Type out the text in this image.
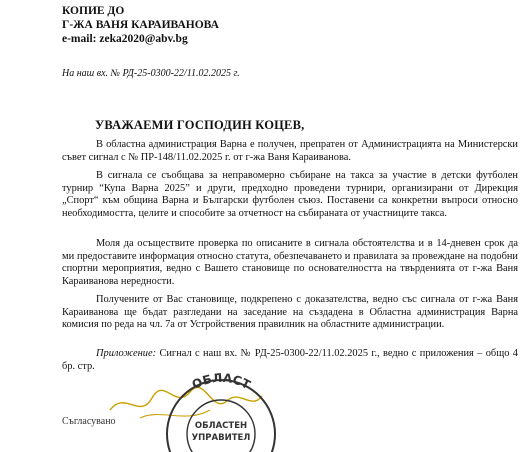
КОПИЕ ДО
Г-ЖА ВАНЯ КАРАИВАНОВА
e-mail: zeka2020@abv.bg
На наш вх. № РД-25-0300-22/11.02.2025 г.
УВАЖАЕМИ ГОСПОДИН КОЦЕВ,
В областна администрация Варна е получен, препратен от Администрацията на Министерски съвет сигнал с № ПР-148/11.02.2025 г. от г-жа Ваня Караиванова.
В сигнала се съобщава за неправомерно събиране на такса за участие в детски футболен турнир “Купа Варна 2025” и други, предходно проведени турнири, организирани от Дирекция „Спорт“ към община Варна и Български футболен съюз. Поставени са конкретни въпроси относно необходимостта, целите и способите за отчетност на събираната от участниците такса.
Моля да осъществите проверка по описаните в сигнала обстоятелства и в 14-дневен срок да ми предоставите информация относно статута, обезпечаването и правилата за провеждане на подобни спортни мероприятия, ведно с Вашето становище по основателността на твърденията от г-жа Ваня Караиванова нередности.
Получените от Вас становище, подкрепено с доказателства, ведно със сигнала от г-жа Ваня Караиванова ще бъдат разгледани на заседание на създадена в Областна администрация Варна комисия по реда на чл. 7а от Устройствения правилник на областните администрации.
Приложение: Сигнал с наш вх. № РД-25-0300-22/11.02.2025 г., ведно с приложения – общо 4 бр. стр.
ОБЛАСТ
ОБЛАСТЕН
УПРАВИТЕЛ
Съгласувано
